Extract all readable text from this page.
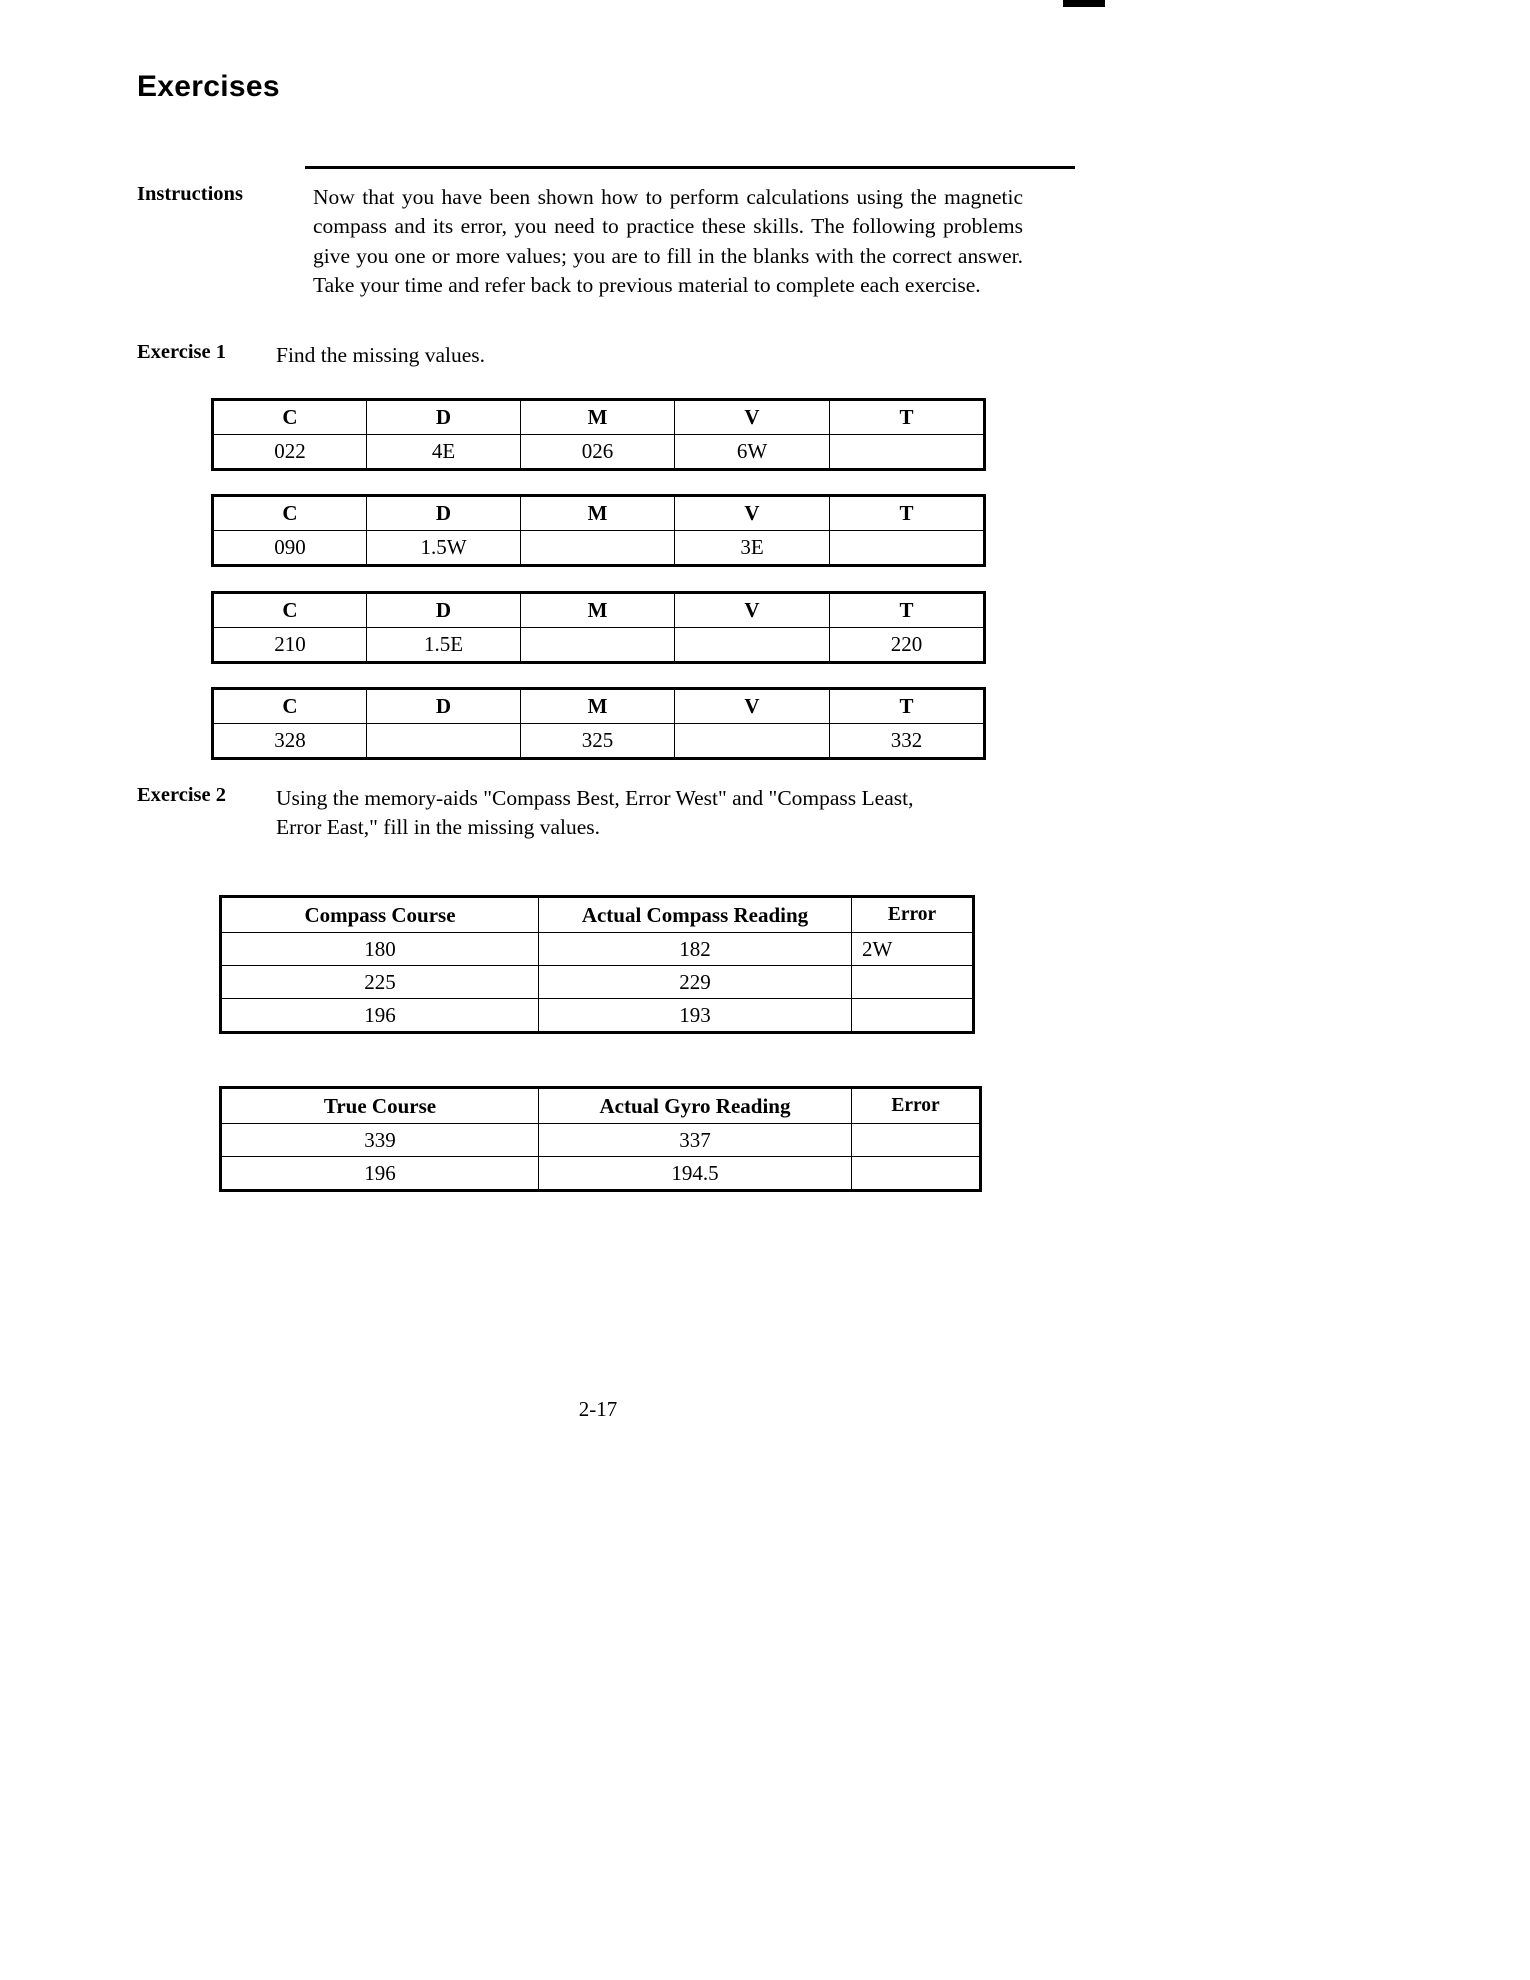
Exercises
Instructions	Now that you have been shown how to perform calculations using the magnetic compass and its error, you need to practice these skills. The following problems give you one or more values; you are to fill in the blanks with the correct answer. Take your time and refer back to previous material to complete each exercise.
Exercise 1 Find the missing values.
C	D	M	V	T
022	4E	026	6W	
C	D	M	V	T
090	1.5W		3E	
C	D	M	V	T
210	1.5E			220
C	D	M	V	T
328		325		332
Exercise 2 Using the memory-aids "Compass Best, Error West" and "Compass Least,
Error East," fill in the missing values.
Compass Course	Actual Compass Reading	Error
180	182	2W
225	229	
196	193	
True Course	Actual Gyro Reading	Error
339	337	
196	194.5	
2-17
